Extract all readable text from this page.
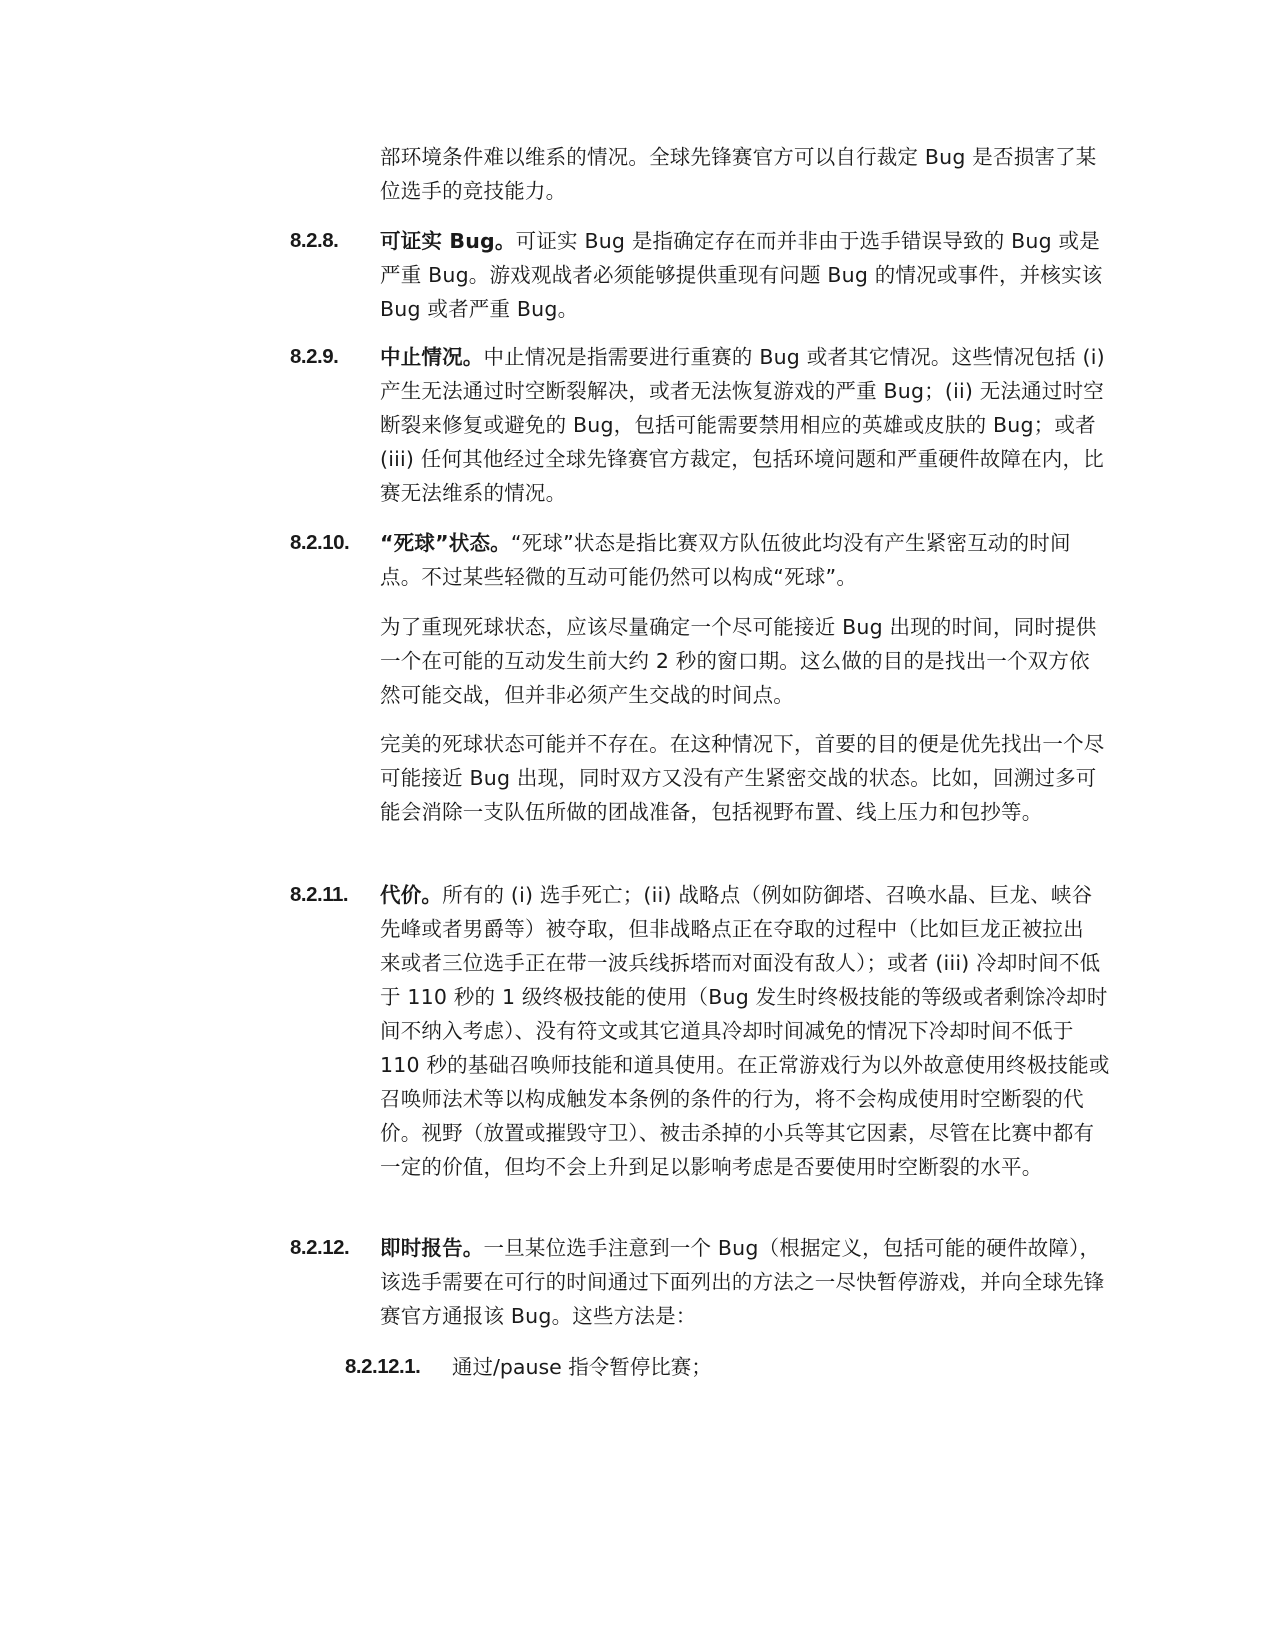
部环境条件难以维系的情况。全球先锋赛官方可以自行裁定 Bug 是否损害了某位选手的竞技能力。
8.2.8. 可证实 Bug。可证实 Bug 是指确定存在而并非由于选手错误导致的 Bug 或是严重 Bug。游戏观战者必须能够提供重现有问题 Bug 的情况或事件，并核实该 Bug 或者严重 Bug。
8.2.9. 中止情况。中止情况是指需要进行重赛的 Bug 或者其它情况。这些情况包括 (i) 产生无法通过时空断裂解决，或者无法恢复游戏的严重 Bug；(ii) 无法通过时空断裂来修复或避免的 Bug，包括可能需要禁用相应的英雄或皮肤的 Bug；或者 (iii) 任何其他经过全球先锋赛官方裁定，包括环境问题和严重硬件故障在内，比赛无法维系的情况。
8.2.10. “死球”状态。“死球”状态是指比赛双方队伍彼此均没有产生紧密互动的时间点。不过某些轻微的互动可能仍然可以构成“死球”。
为了重现死球状态，应该尽量确定一个尽可能接近 Bug 出现的时间，同时提供一个在可能的互动发生前大约 2 秒的窗口期。这么做的目的是找出一个双方依然可能交战，但并非必须产生交战的时间点。
完美的死球状态可能并不存在。在这种情况下，首要的目的便是优先找出一个尽可能接近 Bug 出现，同时双方又没有产生紧密交战的状态。比如，回溯过多可能会消除一支队伍所做的团战准备，包括视野布置、线上压力和包抄等。
8.2.11. 代价。所有的 (i) 选手死亡；(ii) 战略点（例如防御塔、召唤水晶、巨龙、峡谷先峰或者男爵等）被夺取，但非战略点正在夺取的过程中（比如巨龙正被拉出 来或者三位选手正在带一波兵线拆塔而对面没有敌人）；或者 (iii) 冷却时间不低于 110 秒的 1 级终极技能的使用（Bug 发生时终极技能的等级或者剩馀冷却时间不纳入考虑）、没有符文或其它道具冷却时间减免的情况下冷却时间不低于 110 秒的基础召唤师技能和道具使用。在正常游戏行为以外故意使用终极技能或召唤师法术等以构成触发本条例的条件的行为，将不会构成使用时空断裂的代价。视野（放置或摧毁守卫）、被击杀掉的小兵等其它因素，尽管在比赛中都有一定的价值，但均不会上升到足以影响考虑是否要使用时空断裂的水平。
8.2.12. 即时报告。一旦某位选手注意到一个 Bug（根据定义，包括可能的硬件故障），该选手需要在可行的时间通过下面列出的方法之一尽快暂停游戏，并向全球先锋赛官方通报该 Bug。这些方法是：
8.2.12.1. 通过/pause 指令暂停比赛；
